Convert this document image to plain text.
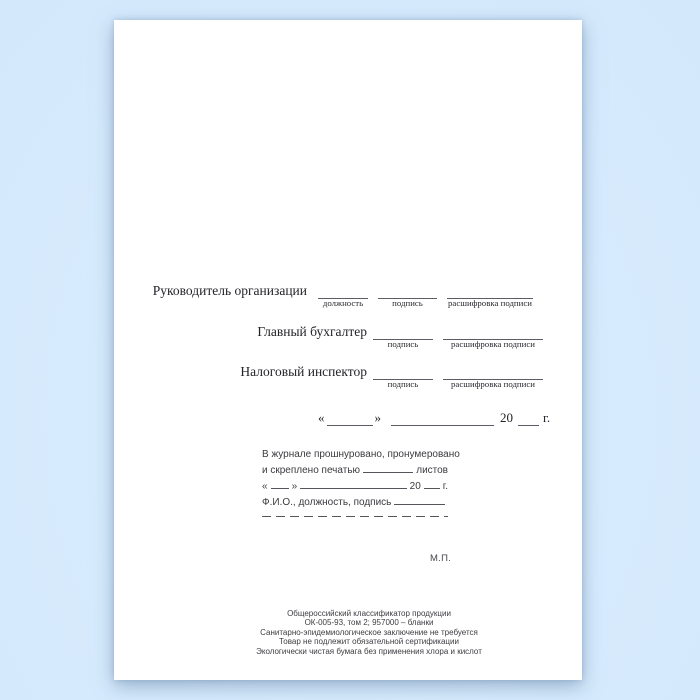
Руководитель организации
должность	подпись	расшифровка подписи
Главный бухгалтер
подпись	расшифровка подписи
Налоговый инспектор
подпись	расшифровка подписи
«	»	20 г.
В журнале прошнуровано, пронумеровано
и скреплено печатью	листов
« »	20 г.
Ф.И.О., должность, подпись
М.П.
Общероссийский классификатор продукции
ОК-005-93, том 2; 957000 – бланки
Санитарно-эпидемиологическое заключение не требуется
Товар не подлежит обязательной сертификации
Экологически чистая бумага без применения хлора и кислот
